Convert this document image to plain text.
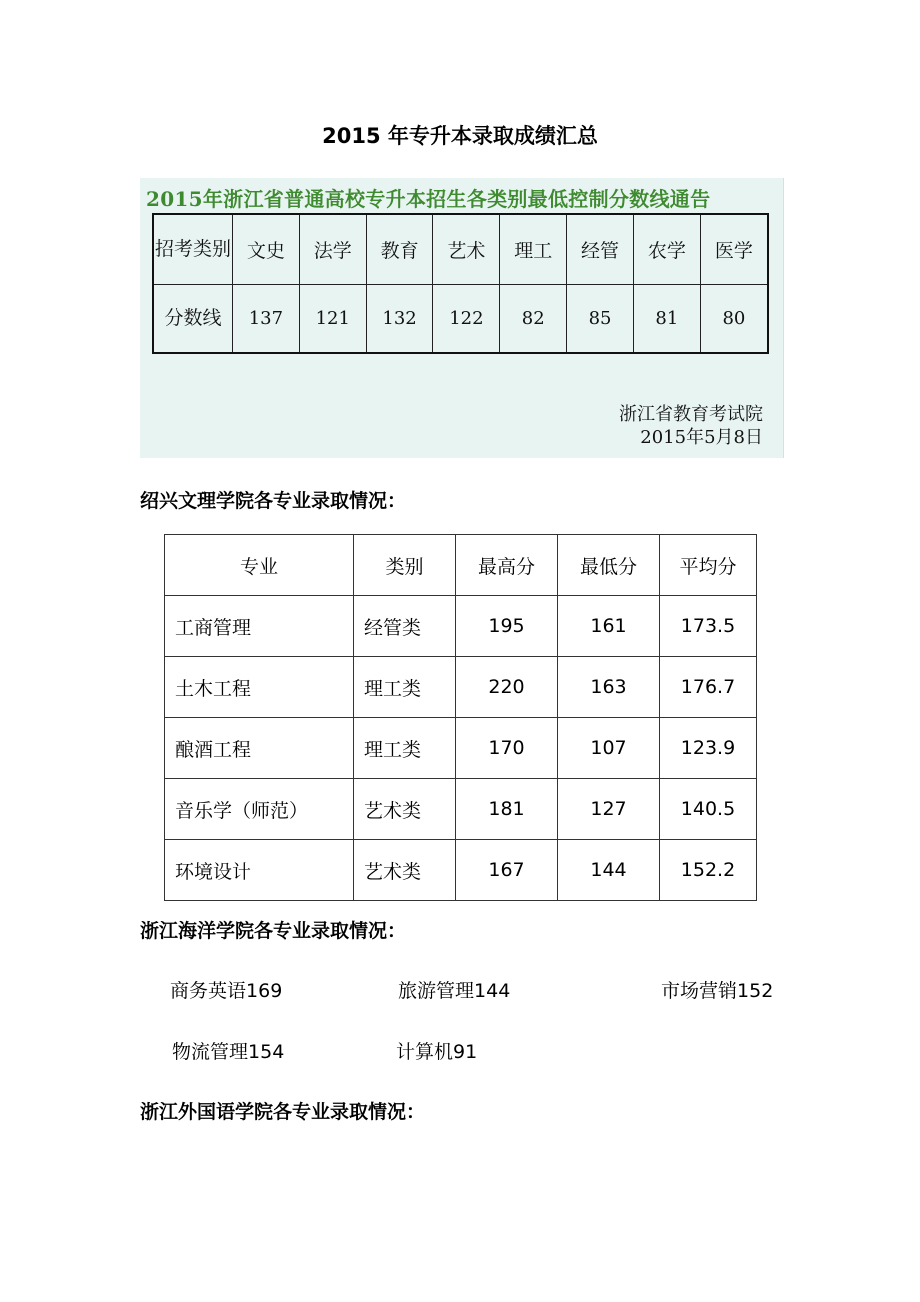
2015 年专升本录取成绩汇总
2015年浙江省普通高校专升本招生各类别最低控制分数线通告
招考类别	文史	法学	教育	艺术	理工	经管	农学	医学
分数线	137	121	132	122	82	85	81	80
浙江省教育考试院
2015年5月8日
绍兴文理学院各专业录取情况：
专业	类别	最高分	最低分	平均分
工商管理	经管类	195	161	173.5
土木工程	理工类	220	163	176.7
酿酒工程	理工类	170	107	123.9
音乐学（师范）	艺术类	181	127	140.5
环境设计	艺术类	167	144	152.2
浙江海洋学院各专业录取情况：
商务英语169	旅游管理144	市场营销152
物流管理154	计算机91
浙江外国语学院各专业录取情况：
